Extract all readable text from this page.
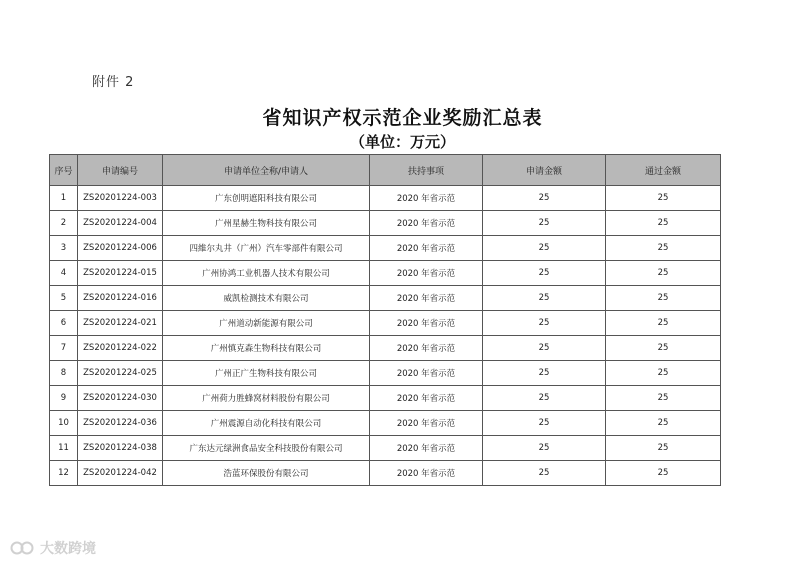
附件 2
省知识产权示范企业奖励汇总表
（单位：万元）
序号	申请编号	申请单位全称/申请人	扶持事项	申请金额	通过金额
1	ZS20201224-003	广东创明遮阳科技有限公司	2020 年省示范	25	25
2	ZS20201224-004	广州星赫生物科技有限公司	2020 年省示范	25	25
3	ZS20201224-006	四維尔丸井（广州）汽车零部件有限公司	2020 年省示范	25	25
4	ZS20201224-015	广州协鸿工业机器人技术有限公司	2020 年省示范	25	25
5	ZS20201224-016	威凯检测技术有限公司	2020 年省示范	25	25
6	ZS20201224-021	广州道动新能源有限公司	2020 年省示范	25	25
7	ZS20201224-022	广州慎克森生物科技有限公司	2020 年省示范	25	25
8	ZS20201224-025	广州正广生物科技有限公司	2020 年省示范	25	25
9	ZS20201224-030	广州荷力胜蜂窝材料股份有限公司	2020 年省示范	25	25
10	ZS20201224-036	广州震源自动化科技有限公司	2020 年省示范	25	25
11	ZS20201224-038	广东达元绿洲食品安全科技股份有限公司	2020 年省示范	25	25
12	ZS20201224-042	浩蓝环保股份有限公司	2020 年省示范	25	25
大数跨境
